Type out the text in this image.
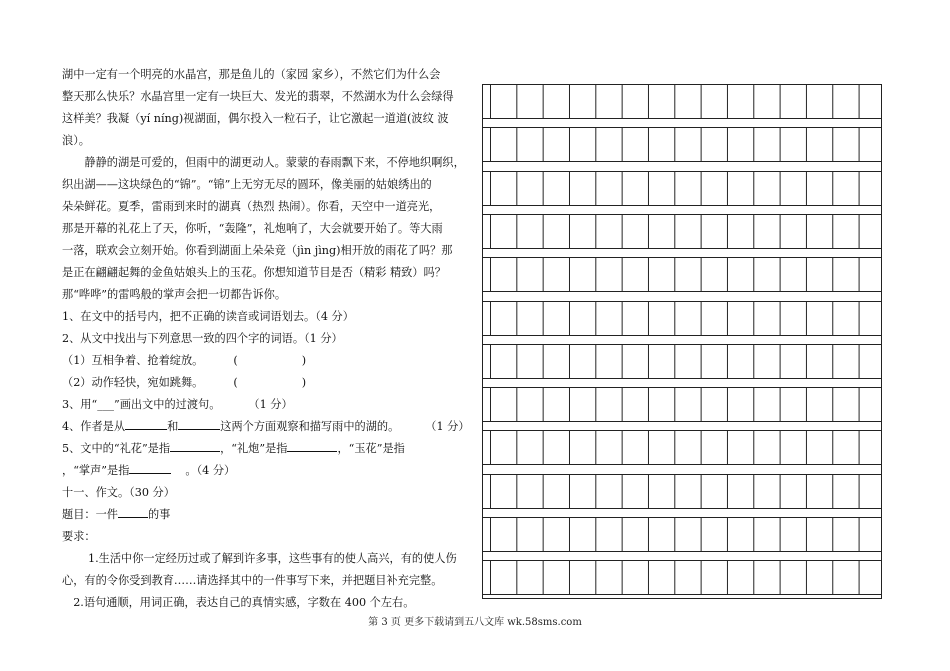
湖中一定有一个明亮的水晶宫，那是鱼儿的（家园 家乡），不然它们为什么会
整天那么快乐？水晶宫里一定有一块巨大、发光的翡翠，不然湖水为什么会绿得
这样美？我凝（yí níng)视湖面，偶尔投入一粒石子，让它激起一道道(波纹 波
浪）。
静静的湖是可爱的，但雨中的湖更动人。蒙蒙的春雨飘下来，不停地织啊织，
织出湖——这块绿色的“锦”。“锦”上无穷无尽的圆环，像美丽的姑娘绣出的
朵朵鲜花。夏季，雷雨到来时的湖真（热烈 热闹）。你看，天空中一道亮光，
那是开幕的礼花上了天，你听，“轰隆”，礼炮响了，大会就要开始了。等大雨
一落，联欢会立刻开始。你看到湖面上朵朵竞（jìn jìng)相开放的雨花了吗？那
是正在翩翩起舞的金鱼姑娘头上的玉花。你想知道节目是否（精彩 精致）吗？
那“哗哗”的雷鸣般的掌声会把一切都告诉你。
1、在文中的括号内，把不正确的读音或词语划去。（4 分）
2、从文中找出与下列意思一致的四个字的词语。（1 分）
（1）互相争着、抢着绽放。	(                  )
（2）动作轻快，宛如跳舞。	(                  )
3、用“___”画出文中的过渡句。	（1 分）
4、作者是从	和	这两个方面观察和描写雨中的湖的。 （1 分）
5、文中的“礼花”是指	，“礼炮”是指	，“玉花”是指
，“掌声”是指	。（4 分）
十一、作文。（30 分）
题目：一件	的事
要求：
1.生活中你一定经历过或了解到许多事，这些事有的使人高兴，有的使人伤
心，有的令你受到教育……请选择其中的一件事写下来，并把题目补充完整。
2.语句通顺，用词正确，表达自己的真情实感，字数在 400 个左右。
第 3 页 更多下载请到五八文库 wk.58sms.com
